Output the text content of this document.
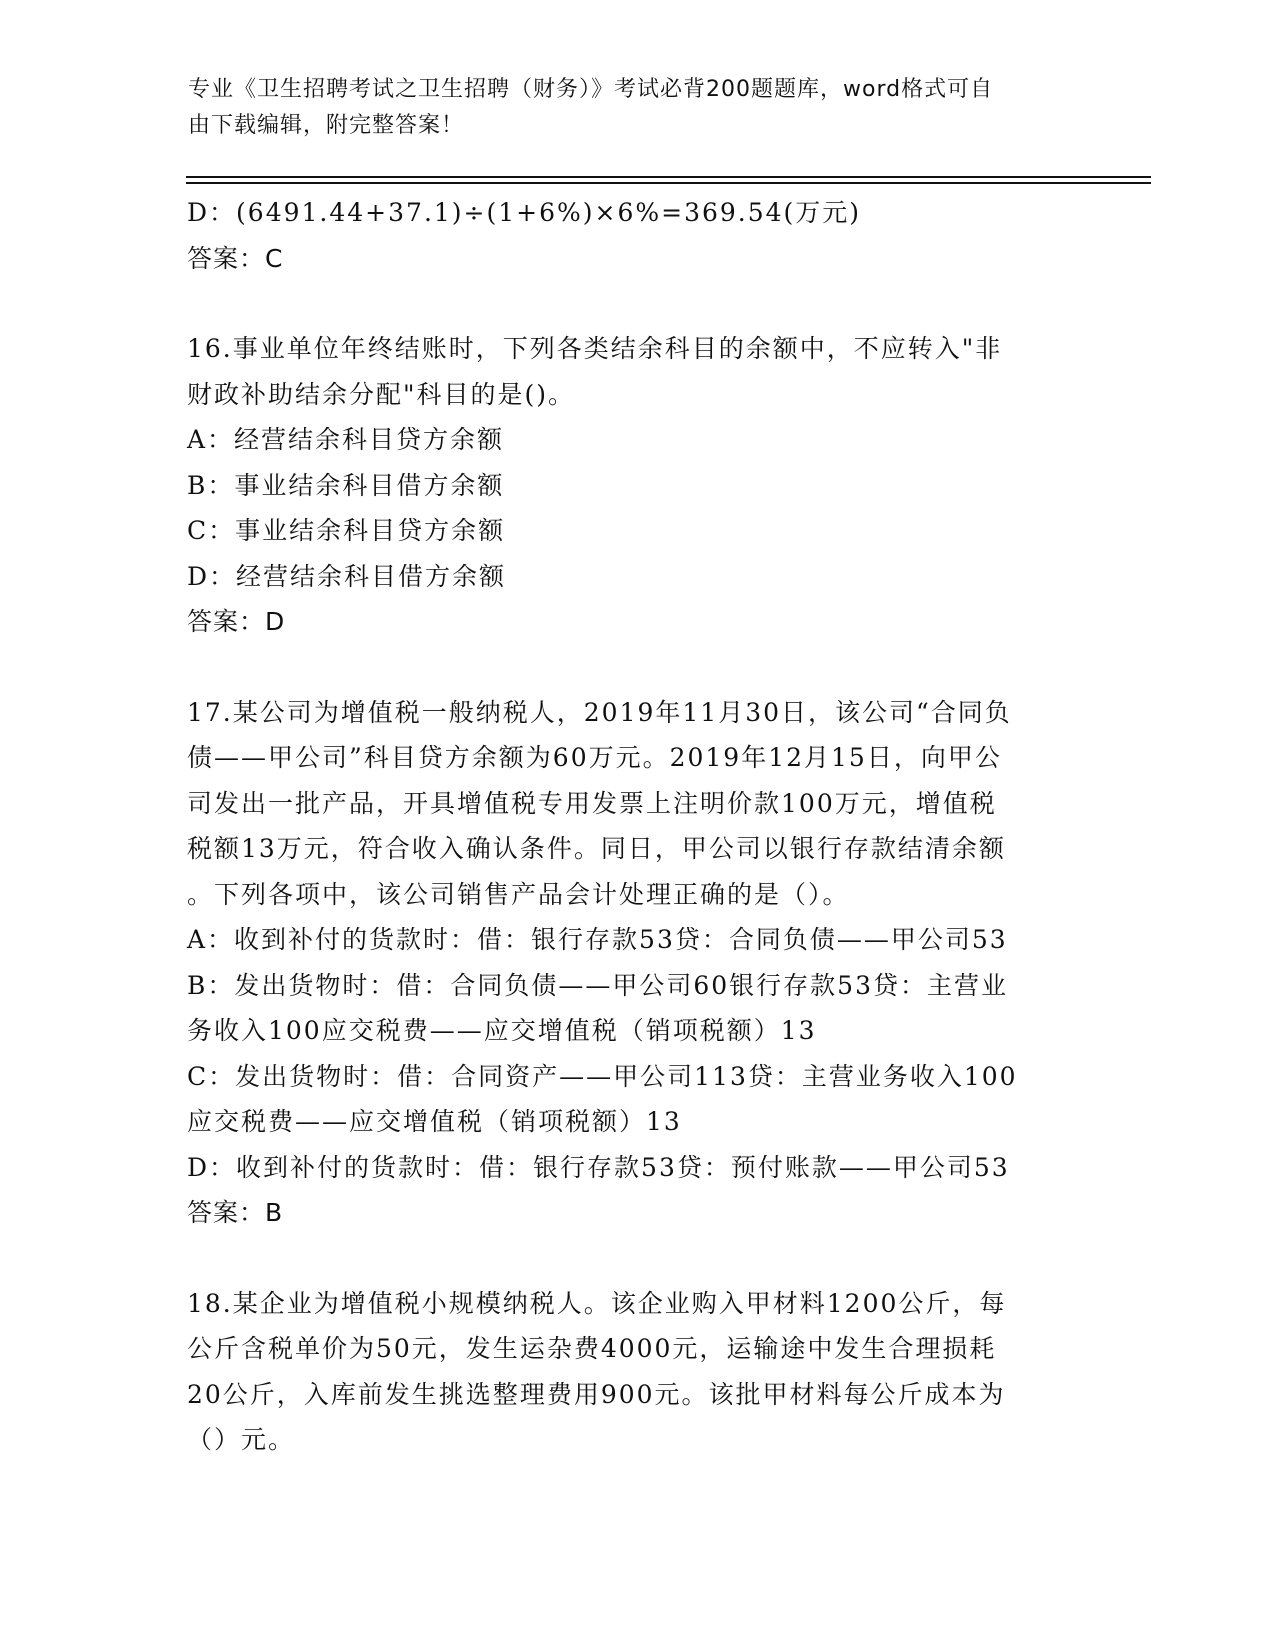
专业《卫生招聘考试之卫生招聘（财务）》考试必背200题题库，word格式可自
由下载编辑，附完整答案！

D：(6491.44+37.1)÷(1+6%)×6%=369.54(万元)

答案：C

16.事业单位年终结账时，下列各类结余科目的余额中，不应转入"非

财政补助结余分配"科目的是()。

A：经营结余科目贷方余额

B：事业结余科目借方余额

C：事业结余科目贷方余额

D：经营结余科目借方余额

答案：D

17.某公司为增值税一般纳税人，2019年11月30日，该公司“合同负

债——甲公司”科目贷方余额为60万元。2019年12月15日，向甲公

司发出一批产品，开具增值税专用发票上注明价款100万元，增值税

税额13万元，符合收入确认条件。同日，甲公司以银行存款结清余额

。下列各项中，该公司销售产品会计处理正确的是（）。

A：收到补付的货款时：借：银行存款53贷：合同负债——甲公司53

B：发出货物时：借：合同负债——甲公司60银行存款53贷：主营业

务收入100应交税费——应交增值税（销项税额）13

C：发出货物时：借：合同资产——甲公司113贷：主营业务收入100

应交税费——应交增值税（销项税额）13

D：收到补付的货款时：借：银行存款53贷：预付账款——甲公司53

答案：B

18.某企业为增值税小规模纳税人。该企业购入甲材料1200公斤，每

公斤含税单价为50元，发生运杂费4000元，运输途中发生合理损耗

20公斤，入库前发生挑选整理费用900元。该批甲材料每公斤成本为

（）元。
